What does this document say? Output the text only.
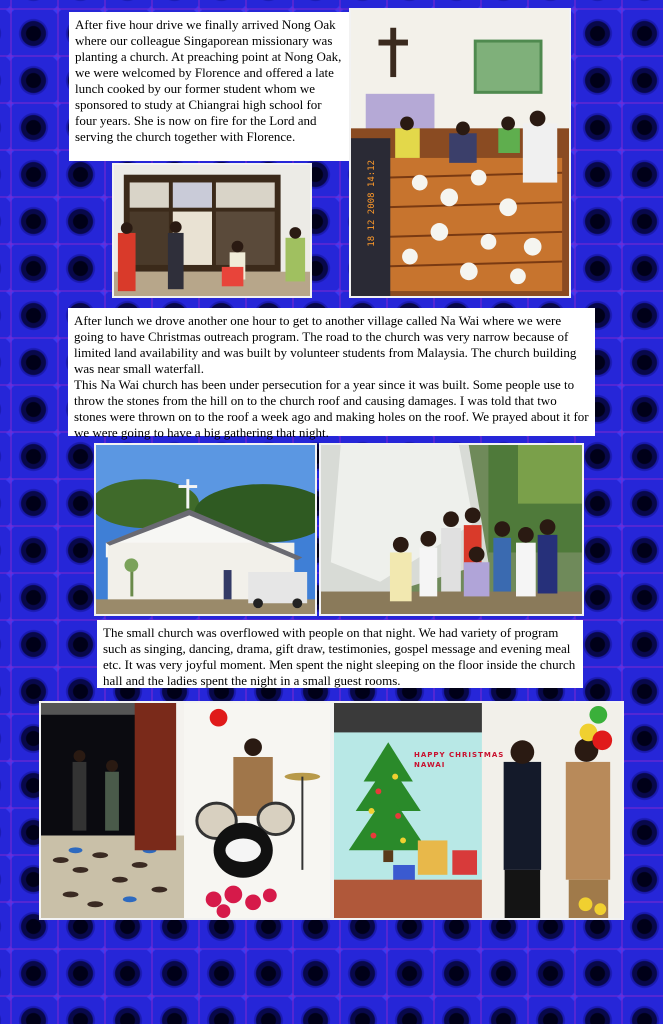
After five hour drive we finally arrived Nong Oak where our colleague Singaporean missionary was planting a church. At preaching point at Nong Oak, we were welcomed by Florence and offered a late lunch cooked by our former student whom we sponsored to study at Chiangrai high school for four years. She is now on fire for the Lord and serving the church together with Florence.
18 12 2008 14:12
After lunch we drove another one hour to get to another village called Na Wai where we were going to have Christmas outreach program. The road to the church was very narrow because of limited land availability and was built by volunteer students from Malaysia. The church building was near small waterfall.
This Na Wai church has been under persecution for a year since it was built. Some people use to throw the stones from the hill on to the church roof and causing damages. I was told that two stones were thrown on to the roof a week ago and making holes on the roof. We prayed about it for we were going to have a big gathering that night.
The small church was overflowed with people on that night. We had variety of program such as singing, dancing, drama, gift draw, testimonies, gospel message and evening meal etc. It was very joyful moment. Men spent the night sleeping on the floor inside the church hall and the ladies spent the night in a small guest rooms.
HAPPY CHRISTMAS
NAWAI
